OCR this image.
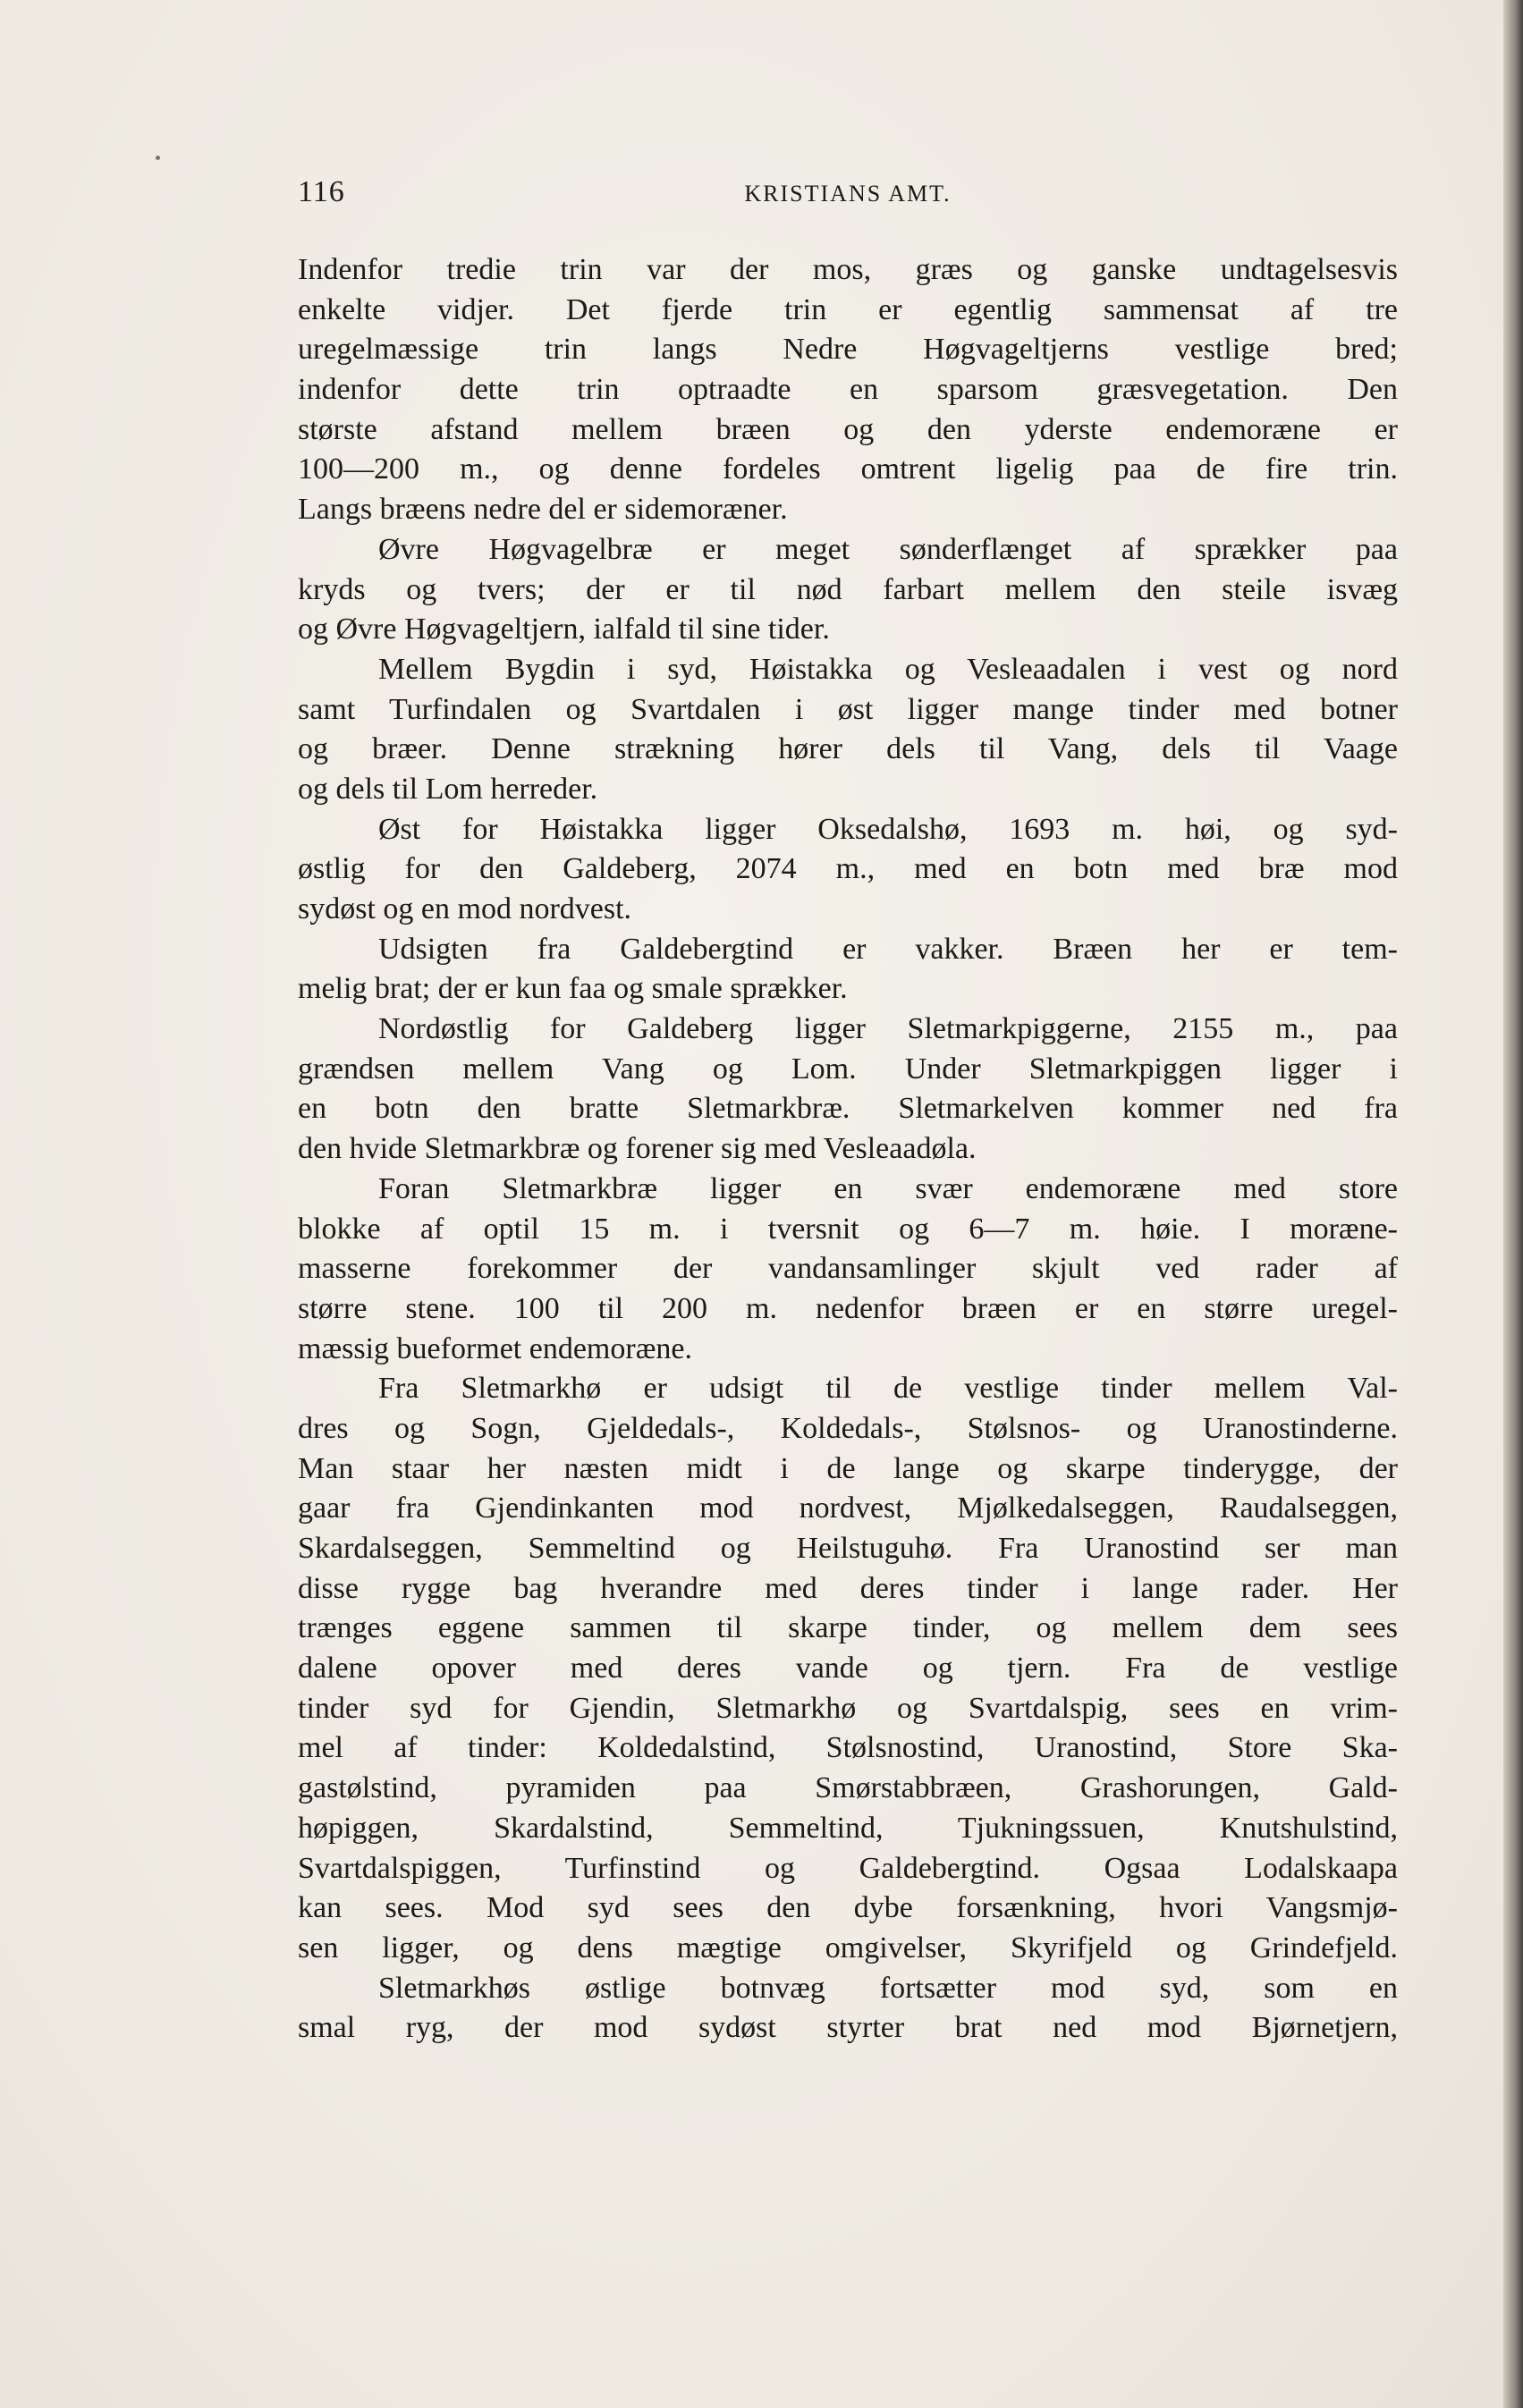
116	KRISTIANS AMT.
Indenfor tredie trin var der mos, græs og ganske undtagelsesvis
enkelte vidjer. Det fjerde trin er egentlig sammensat af tre
uregelmæssige trin langs Nedre Høgvageltjerns vestlige bred;
indenfor dette trin optraadte en sparsom græsvegetation. Den
største afstand mellem bræen og den yderste endemoræne er
100—200 m., og denne fordeles omtrent ligelig paa de fire trin.
Langs bræens nedre del er sidemoræner.
Øvre Høgvagelbræ er meget sønderflænget af sprækker paa
kryds og tvers; der er til nød farbart mellem den steile isvæg
og Øvre Høgvageltjern, ialfald til sine tider.
Mellem Bygdin i syd, Høistakka og Vesleaadalen i vest og nord
samt Turfindalen og Svartdalen i øst ligger mange tinder med botner
og bræer. Denne strækning hører dels til Vang, dels til Vaage
og dels til Lom herreder.
Øst for Høistakka ligger Oksedalshø, 1693 m. høi, og syd-
østlig for den Galdeberg, 2074 m., med en botn med bræ mod
sydøst og en mod nordvest.
Udsigten fra Galdebergtind er vakker. Bræen her er tem-
melig brat; der er kun faa og smale sprækker.
Nordøstlig for Galdeberg ligger Sletmarkpiggerne, 2155 m., paa
grændsen mellem Vang og Lom. Under Sletmarkpiggen ligger i
en botn den bratte Sletmarkbræ. Sletmarkelven kommer ned fra
den hvide Sletmarkbræ og forener sig med Vesleaadøla.
Foran Sletmarkbræ ligger en svær endemoræne med store
blokke af optil 15 m. i tversnit og 6—7 m. høie. I moræne-
masserne forekommer der vandansamlinger skjult ved rader af
større stene. 100 til 200 m. nedenfor bræen er en større uregel-
mæssig bueformet endemoræne.
Fra Sletmarkhø er udsigt til de vestlige tinder mellem Val-
dres og Sogn, Gjeldedals-, Koldedals-, Stølsnos- og Uranostinderne.
Man staar her næsten midt i de lange og skarpe tinderygge, der
gaar fra Gjendinkanten mod nordvest, Mjølkedalseggen, Raudalseggen,
Skardalseggen, Semmeltind og Heilstuguhø. Fra Uranostind ser man
disse rygge bag hverandre med deres tinder i lange rader. Her
trænges eggene sammen til skarpe tinder, og mellem dem sees
dalene opover med deres vande og tjern. Fra de vestlige
tinder syd for Gjendin, Sletmarkhø og Svartdalspig, sees en vrim-
mel af tinder: Koldedalstind, Stølsnostind, Uranostind, Store Ska-
gastølstind, pyramiden paa Smørstabbræen, Grashorungen, Gald-
høpiggen, Skardalstind, Semmeltind, Tjukningssuen, Knutshulstind,
Svartdalspiggen, Turfinstind og Galdebergtind. Ogsaa Lodalskaapa
kan sees. Mod syd sees den dybe forsænkning, hvori Vangsmjø-
sen ligger, og dens mægtige omgivelser, Skyrifjeld og Grindefjeld.
Sletmarkhøs østlige botnvæg fortsætter mod syd, som en
smal ryg, der mod sydøst styrter brat ned mod Bjørnetjern,
